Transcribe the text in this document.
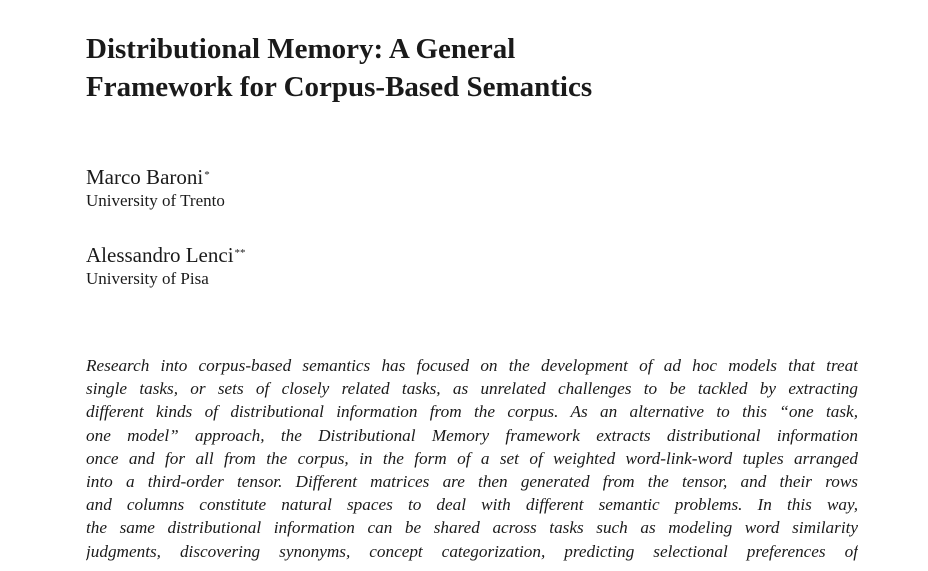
Distributional Memory: A General
Framework for Corpus-Based Semantics
Marco Baroni*
University of Trento
Alessandro Lenci**
University of Pisa
Research into corpus-based semantics has focused on the development of ad hoc models that treat
single tasks, or sets of closely related tasks, as unrelated challenges to be tackled by extracting
different kinds of distributional information from the corpus. As an alternative to this “one task,
one model” approach, the Distributional Memory framework extracts distributional information
once and for all from the corpus, in the form of a set of weighted word-link-word tuples arranged
into a third-order tensor. Different matrices are then generated from the tensor, and their rows
and columns constitute natural spaces to deal with different semantic problems. In this way,
the same distributional information can be shared across tasks such as modeling word similarity
judgments, discovering synonyms, concept categorization, predicting selectional preferences of
